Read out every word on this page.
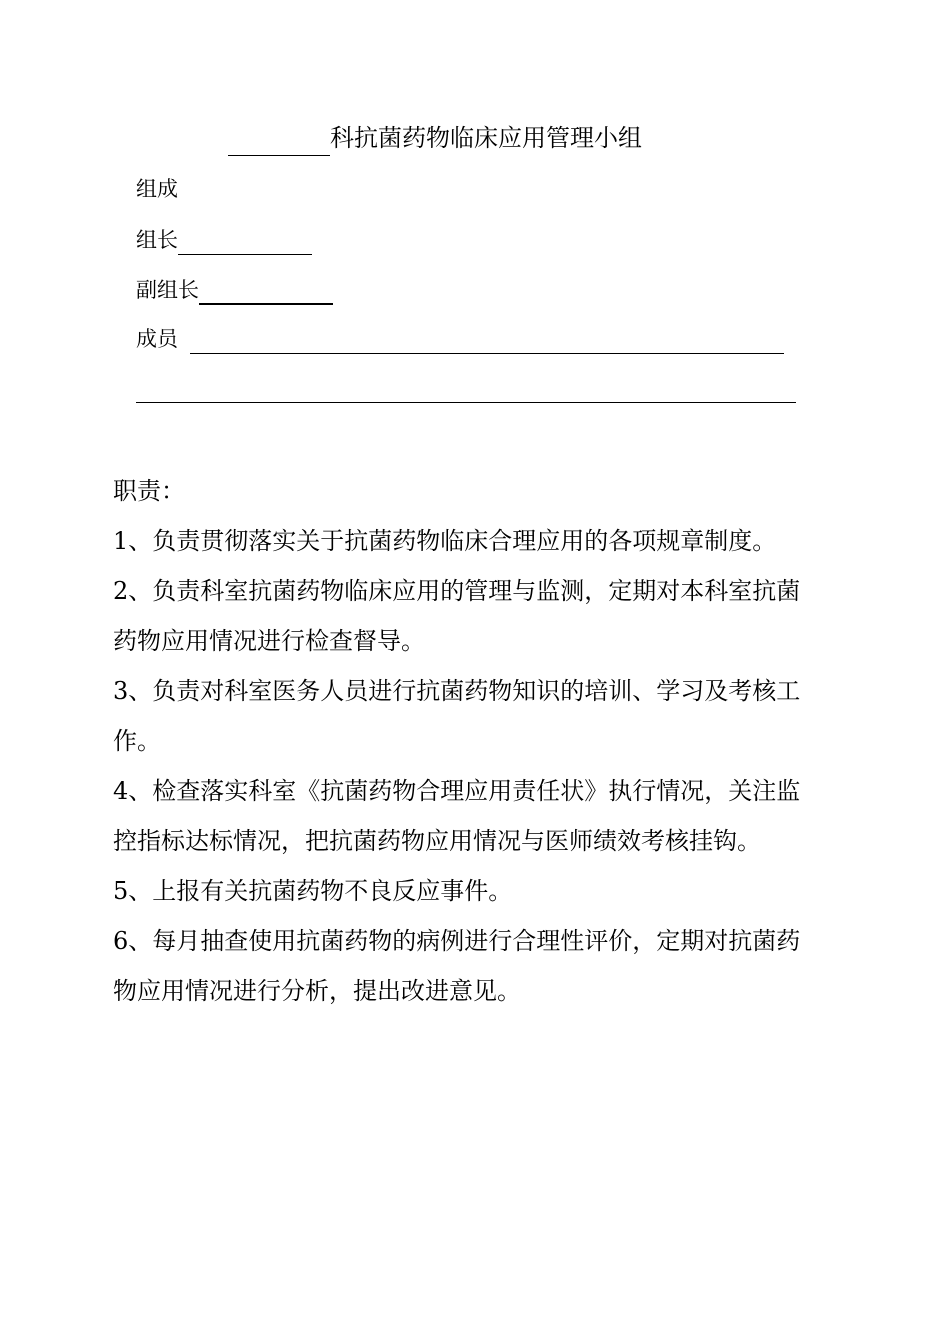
科抗菌药物临床应用管理小组
组成
组长
副组长
成员

职责：

1、负责贯彻落实关于抗菌药物临床合理应用的各项规章制度。

2、负责科室抗菌药物临床应用的管理与监测，定期对本科室抗菌

药物应用情况进行检查督导。

3、负责对科室医务人员进行抗菌药物知识的培训、学习及考核工

作。

4、检查落实科室《抗菌药物合理应用责任状》执行情况，关注监

控指标达标情况，把抗菌药物应用情况与医师绩效考核挂钩。

5、上报有关抗菌药物不良反应事件。

6、每月抽查使用抗菌药物的病例进行合理性评价，定期对抗菌药

物应用情况进行分析，提出改进意见。
